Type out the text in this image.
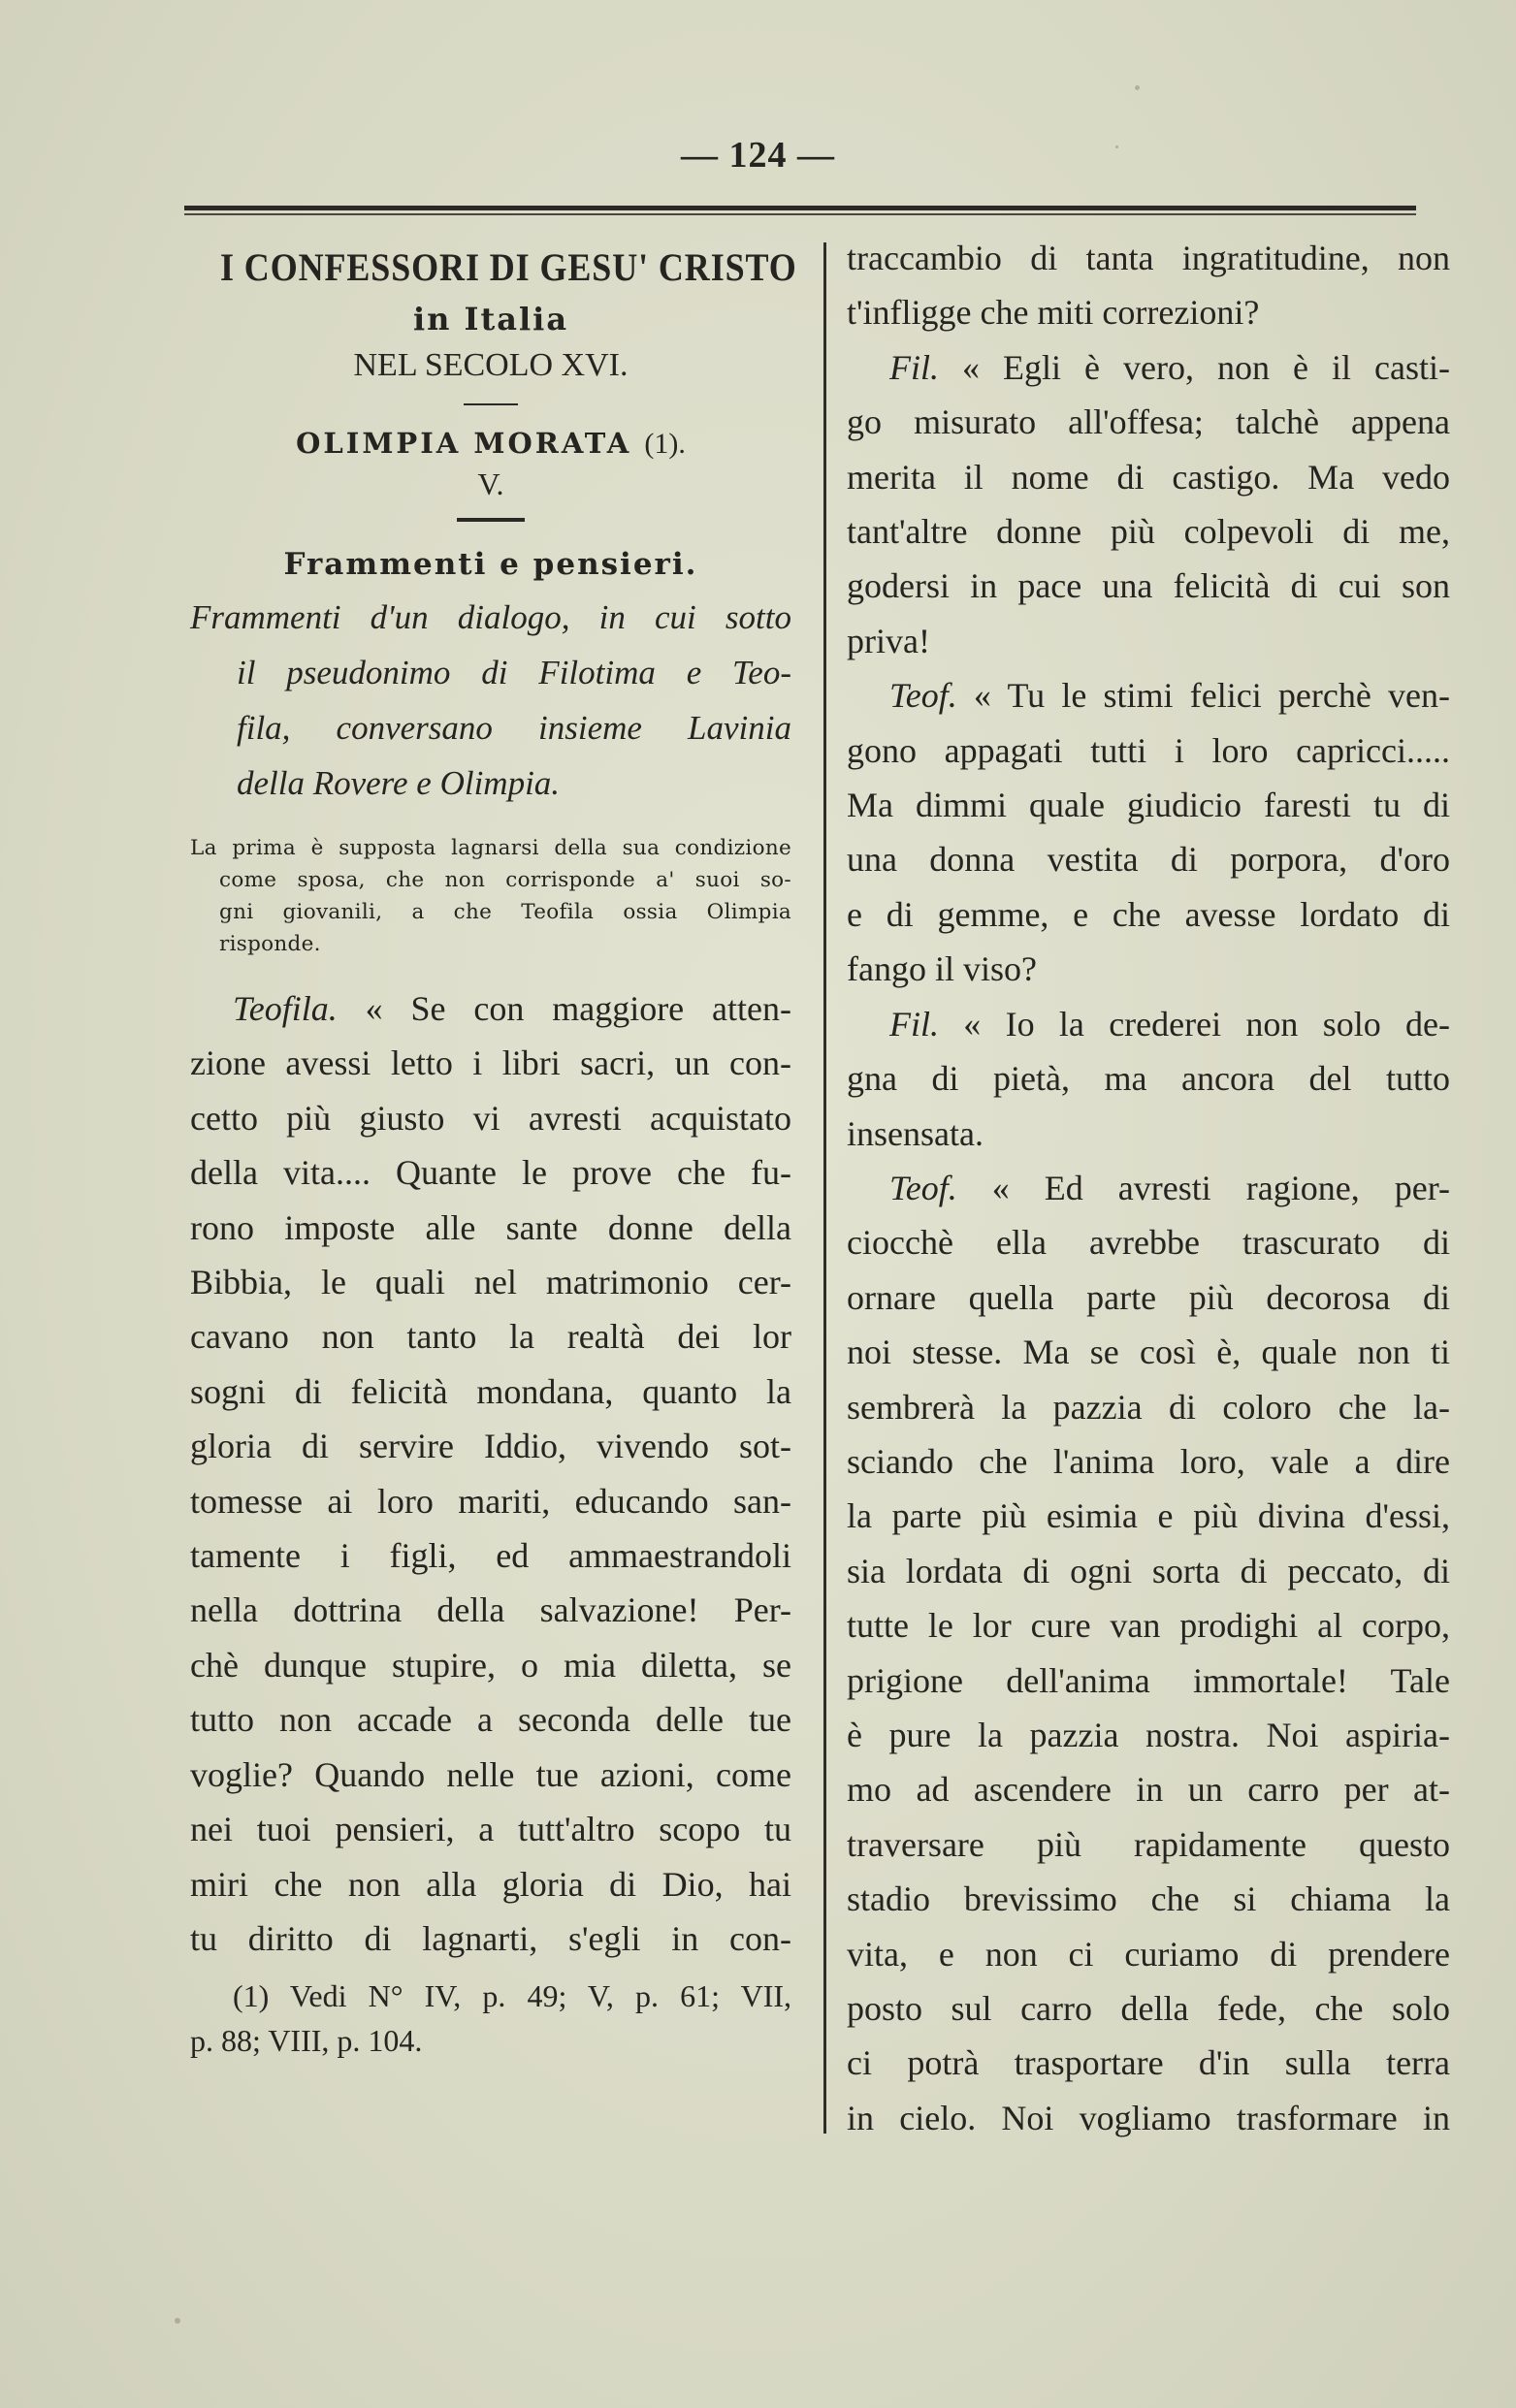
— 124 —
I CONFESSORI DI GESU' CRISTO
in Italia
NEL SECOLO XVI.
OLIMPIA MORATA (1).
V.
Frammenti e pensieri.
Frammenti d'un dialogo, in cui sotto
il pseudonimo di Filotima e Teo-
fila, conversano insieme Lavinia
della Rovere e Olimpia.
La prima è supposta lagnarsi della sua condizione
come sposa, che non corrisponde a' suoi so-
gni giovanili, a che Teofila ossia Olimpia
risponde.
Teofila. « Se con maggiore atten-
zione avessi letto i libri sacri, un con-
cetto più giusto vi avresti acquistato
della vita.... Quante le prove che fu-
rono imposte alle sante donne della
Bibbia, le quali nel matrimonio cer-
cavano non tanto la realtà dei lor
sogni di felicità mondana, quanto la
gloria di servire Iddio, vivendo sot-
tomesse ai loro mariti, educando san-
tamente i figli, ed ammaestrandoli
nella dottrina della salvazione! Per-
chè dunque stupire, o mia diletta, se
tutto non accade a seconda delle tue
voglie? Quando nelle tue azioni, come
nei tuoi pensieri, a tutt'altro scopo tu
miri che non alla gloria di Dio, hai
tu diritto di lagnarti, s'egli in con-
(1) Vedi N° IV, p. 49; V, p. 61; VII,
p. 88; VIII, p. 104.
traccambio di tanta ingratitudine, non
t'infligge che miti correzioni?
Fil. « Egli è vero, non è il casti-
go misurato all'offesa; talchè appena
merita il nome di castigo. Ma vedo
tant'altre donne più colpevoli di me,
godersi in pace una felicità di cui son
priva!
Teof. « Tu le stimi felici perchè ven-
gono appagati tutti i loro capricci.....
Ma dimmi quale giudicio faresti tu di
una donna vestita di porpora, d'oro
e di gemme, e che avesse lordato di
fango il viso?
Fil. « Io la crederei non solo de-
gna di pietà, ma ancora del tutto
insensata.
Teof. « Ed avresti ragione, per-
ciocchè ella avrebbe trascurato di
ornare quella parte più decorosa di
noi stesse. Ma se così è, quale non ti
sembrerà la pazzia di coloro che la-
sciando che l'anima loro, vale a dire
la parte più esimia e più divina d'essi,
sia lordata di ogni sorta di peccato, di
tutte le lor cure van prodighi al corpo,
prigione dell'anima immortale! Tale
è pure la pazzia nostra. Noi aspiria-
mo ad ascendere in un carro per at-
traversare più rapidamente questo
stadio brevissimo che si chiama la
vita, e non ci curiamo di prendere
posto sul carro della fede, che solo
ci potrà trasportare d'in sulla terra
in cielo. Noi vogliamo trasformare in
